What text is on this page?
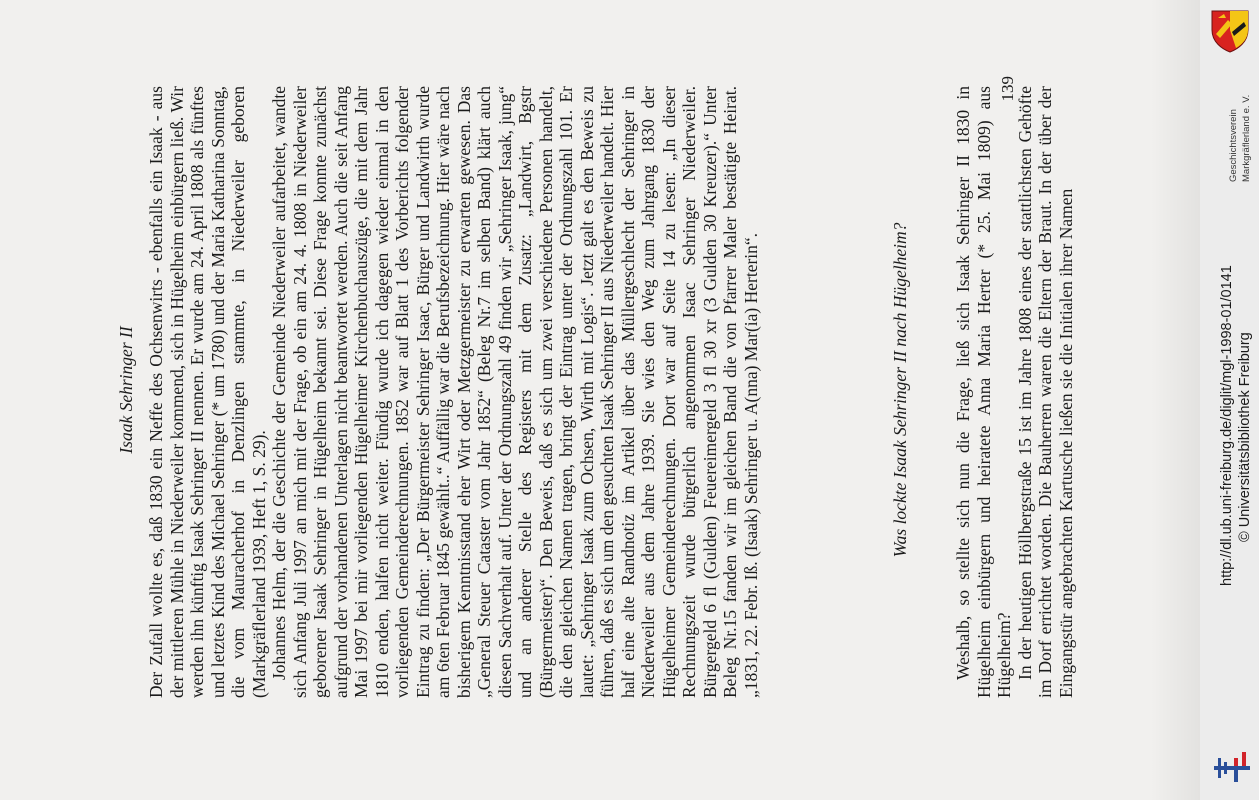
Isaak Sehringer II Der Zufall wollte es, daß 1830 ein Neffe des Ochsenwirts - ebenfalls ein Isaak - aus der mittleren Mühle in Niederweiler kommend, sich in Hügelheim einbürgern ließ. Wir werden ihn künftig Isaak Sehringer II nennen. Er wurde am 24. April 1808 als fünftes und letztes Kind des Michael Sehringer (* um 1780) und der Maria Katharina Sonntag, die vom Mauracherhof in Denzlingen stammte, in Niederweiler geboren (Markgräflerland 1939, Heft 1, S. 29). Johannes Helm, der die Geschichte der Gemeinde Niederweiler aufarbeitet, wandte sich Anfang Juli 1997 an mich mit der Frage, ob ein am 24. 4. 1808 in Niederweiler geborener Isaak Sehringer in Hügelheim bekannt sei. Diese Frage konnte zunächst aufgrund der vorhandenen Unterlagen nicht beantwortet werden. Auch die seit Anfang Mai 1997 bei mir vorliegenden Hügelheimer Kirchenbuchauszüge, die mit dem Jahr 1810 enden, halfen nicht weiter. Fündig wurde ich dagegen wieder einmal in den vorliegenden Gemeinderechnungen. 1852 war auf Blatt 1 des Vorberichts folgender Eintrag zu finden: „Der Bürgermeister Sehringer Isaac, Bürger und Landwirth wurde am 6ten Februar 1845 gewählt..“ Auffällig war die Berufsbezeichnung. Hier wäre nach bisherigem Kenntnisstand eher Wirt oder Metzgermeister zu erwarten gewesen. Das „General Steuer Cataster vom Jahr 1852“ (Beleg Nr.7 im selben Band) klärt auch diesen Sachverhalt auf. Unter der Ordnungszahl 49 finden wir „Sehringer Isaak, jung“ und an anderer Stelle des Registers mit dem Zusatz: „Landwirt, Bgstr (Bürgermeister)“. Den Beweis, daß es sich um zwei verschiedene Personen handelt, die den gleichen Namen tragen, bringt der Eintrag unter der Ordnungszahl 101. Er lautet: „Sehringer Isaak zum Ochsen, Wirth mit Logis“. Jetzt galt es den Beweis zu führen, daß es sich um den gesuchten Isaak Sehringer II aus Niederweiler handelt. Hier half eine alte Randnotiz im Artikel über das Müllergeschlecht der Sehringer in Niederweiler aus dem Jahre 1939. Sie wies den Weg zum Jahrgang 1830 der Hügelheimer Gemeinderechnungen. Dort war auf Seite 14 zu lesen: „In dieser Rechnungszeit wurde bürgerlich angenommen Isaac Sehringer Niederweiler. Bürgergeld 6 fl (Gulden) Feuereimergeld 3 fl 30 xr (3 Gulden 30 Kreuzer).“ Unter Beleg Nr.15 fanden wir im gleichen Band die von Pfarrer Maler bestätigte Heirat. „1831, 22. Febr. Iß. (Isaak) Sehringer u. A(nna) Mar(ia) Herterin“.	Was lockte Isaak Sehringer II nach Hügelheim? Weshalb, so stellte sich nun die Frage, ließ sich Isaak Sehringer II 1830 in Hügelheim einbürgern und heiratete Anna Maria Herter (* 25. Mai 1809) aus Hügelheim? In der heutigen Höllbergstraße 15 ist im Jahre 1808 eines der stattlichsten Gehöfte im Dorf errichtet worden. Die Bauherren waren die Eltern der Braut. In der über der Eingangstür angebrachten Kartusche ließen sie die Initialen ihrer Namen

139
Geschichtsverein Markgräflerland e. V.
http://dl.ub.uni-freiburg.de/diglit/mgl-1998-01/0141 © Universitätsbibliothek Freiburg
